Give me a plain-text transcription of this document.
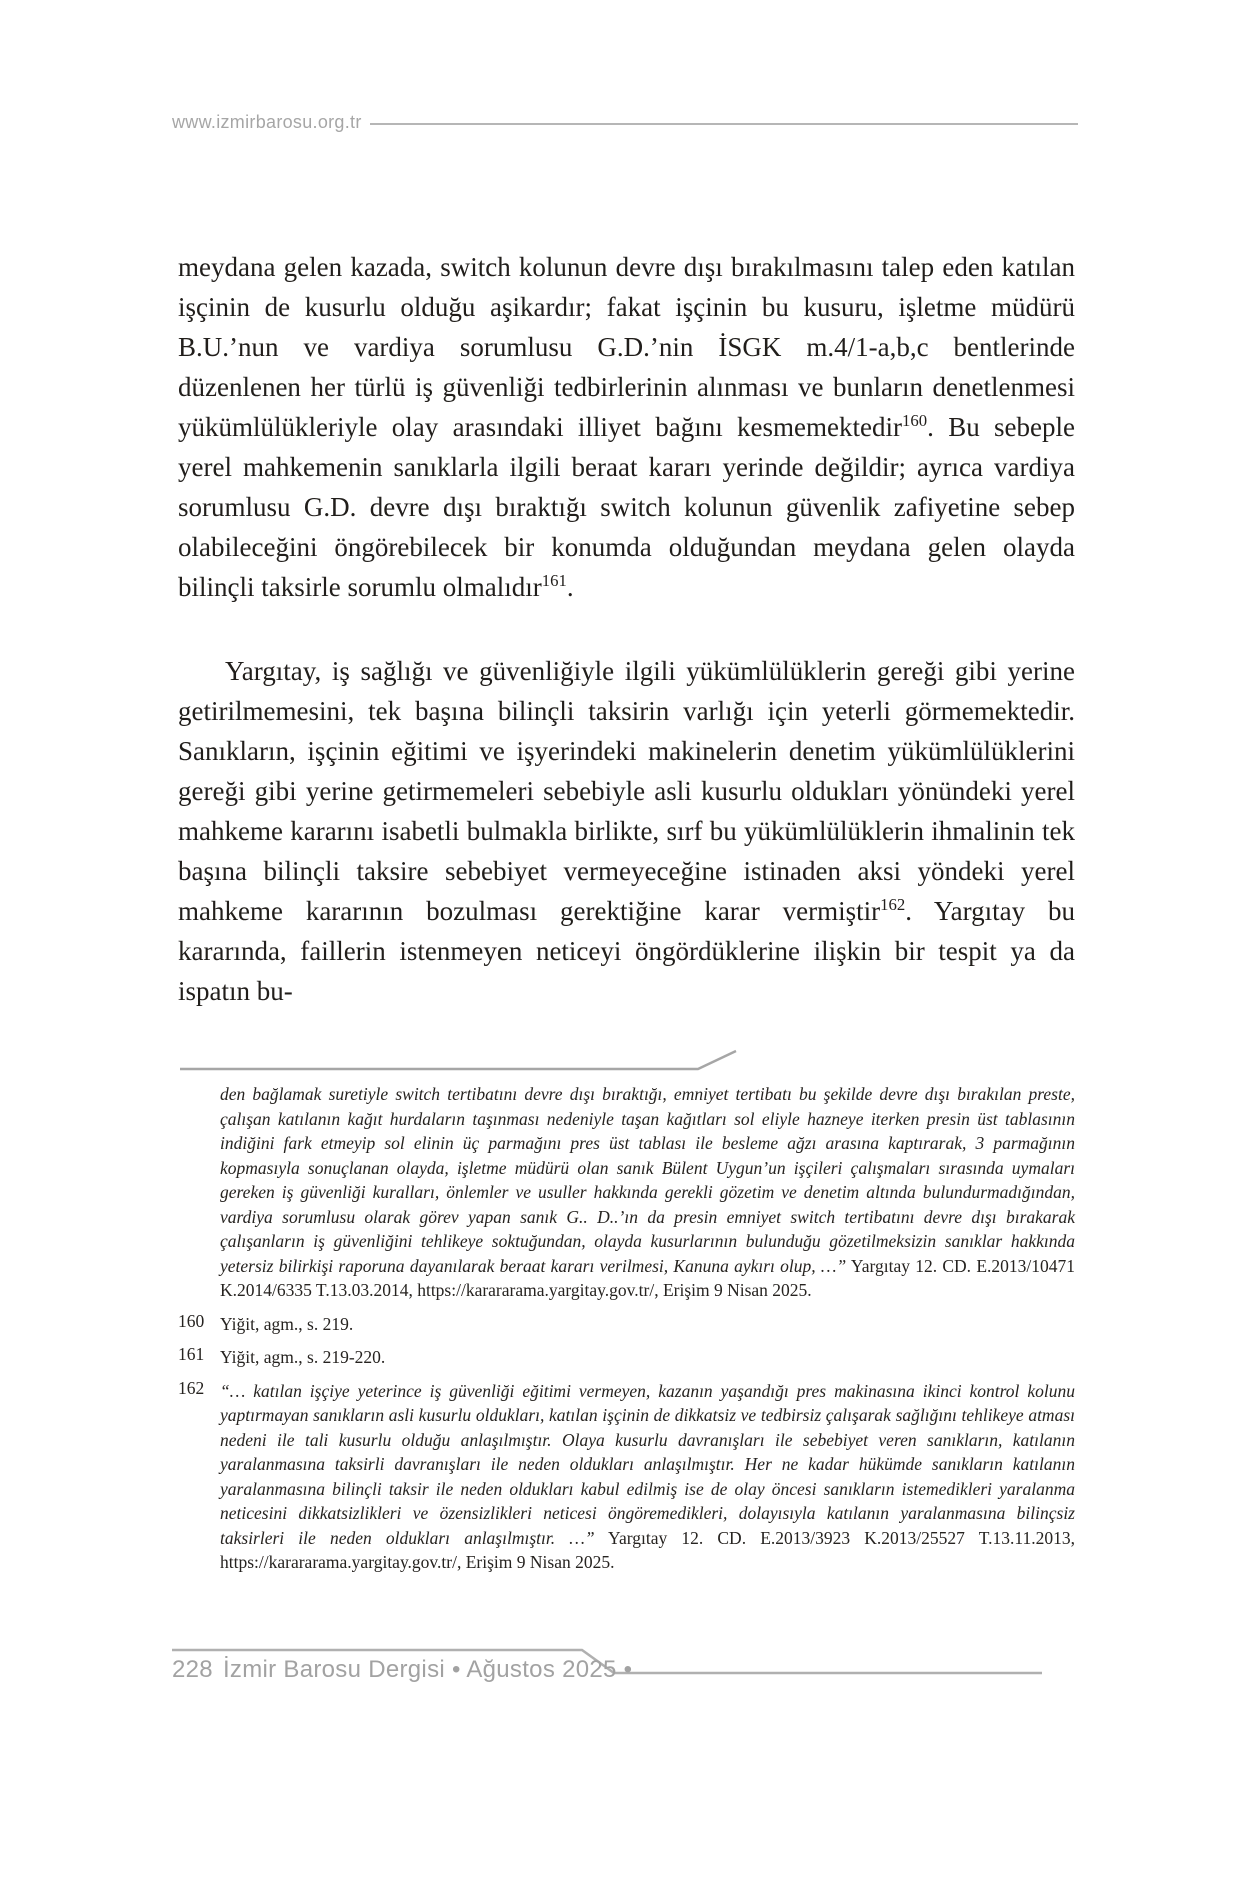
www.izmirbarosu.org.tr

meydana gelen kazada, switch kolunun devre dışı bırakılmasını talep eden katılan işçinin de kusurlu olduğu aşikardır; fakat işçinin bu kusuru, işletme müdürü B.U.’nun ve vardiya sorumlusu G.D.’nin İSGK m.4/1-a,b,c bentlerinde düzenlenen her türlü iş güvenliği tedbirlerinin alınması ve bunların denetlenmesi yükümlülükleriyle olay arasındaki illiyet bağını kesmemektedir$^{160}$. Bu sebeple yerel mahkemenin sanıklarla ilgili beraat kararı yerinde değildir; ayrıca vardiya sorumlusu G.D. devre dışı bıraktığı switch kolunun güvenlik zafiyetine sebep olabileceğini öngörebilecek bir konumda olduğundan meydana gelen olayda bilinçli taksirle sorumlu olmalıdır$^{161}$.

Yargıtay, iş sağlığı ve güvenliğiyle ilgili yükümlülüklerin gereği gibi yerine getirilmemesini, tek başına bilinçli taksirin varlığı için yeterli görmemektedir. Sanıkların, işçinin eğitimi ve işyerindeki makinelerin denetim yükümlülüklerini gereği gibi yerine getirmemeleri sebebiyle asli kusurlu oldukları yönündeki yerel mahkeme kararını isabetli bulmakla birlikte, sırf bu yükümlülüklerin ihmalinin tek başına bilinçli taksire sebebiyet vermeyeceğine istinaden aksi yöndeki yerel mahkeme kararının bozulması gerektiğine karar vermiştir$^{162}$. Yargıtay bu kararında, faillerin istenmeyen neticeyi öngördüklerine ilişkin bir tespit ya da ispatın bu-

den bağlamak suretiyle switch tertibatını devre dışı bıraktığı, emniyet tertibatı bu şekilde devre dışı bırakılan preste, çalışan katılanın kağıt hurdaların taşınması nedeniyle taşan kağıtları sol eliyle hazneye iterken presin üst tablasının indiğini fark etmeyip sol elinin üç parmağını pres üst tablası ile besleme ağzı arasına kaptırarak, 3 parmağının kopmasıyla sonuçlanan olayda, işletme müdürü olan sanık Bülent Uygun’un işçileri çalışmaları sırasında uymaları gereken iş güvenliği kuralları, önlemler ve usuller hakkında gerekli gözetim ve denetim altında bulundurmadığından, vardiya sorumlusu olarak görev yapan sanık G.. D..’ın da presin emniyet switch tertibatını devre dışı bırakarak çalışanların iş güvenliğini tehlikeye soktuğundan, olayda kusurlarının bulunduğu gözetilmeksizin sanıklar hakkında yetersiz bilirkişi raporuna dayanılarak beraat kararı verilmesi, Kanuna aykırı olup, …” Yargıtay 12. CD. E.2013/10471 K.2014/6335 T.13.03.2014, https://karararama.yargitay.gov.tr/, Erişim 9 Nisan 2025.
160 Yiğit, agm., s. 219.
161 Yiğit, agm., s. 219-220.
162 “… katılan işçiye yeterince iş güvenliği eğitimi vermeyen, kazanın yaşandığı pres makinasına ikinci kontrol kolunu yaptırmayan sanıkların asli kusurlu oldukları, katılan işçinin de dikkatsiz ve tedbirsiz çalışarak sağlığını tehlikeye atması nedeni ile tali kusurlu olduğu anlaşılmıştır. Olaya kusurlu davranışları ile sebebiyet veren sanıkların, katılanın yaralanmasına taksirli davranışları ile neden oldukları anlaşılmıştır. Her ne kadar hükümde sanıkların katılanın yaralanmasına bilinçli taksir ile neden oldukları kabul edilmiş ise de olay öncesi sanıkların istemedikleri yaralanma neticesini dikkatsizlikleri ve özensizlikleri neticesi öngöremedikleri, dolayısıyla katılanın yaralanmasına bilinçsiz taksirleri ile neden oldukları anlaşılmıştır. …” Yargıtay 12. CD. E.2013/3923 K.2013/25527 T.13.11.2013, https://karararama.yargitay.gov.tr/, Erişim 9 Nisan 2025.
228 İzmir Barosu Dergisi • Ağustos 2025 •
